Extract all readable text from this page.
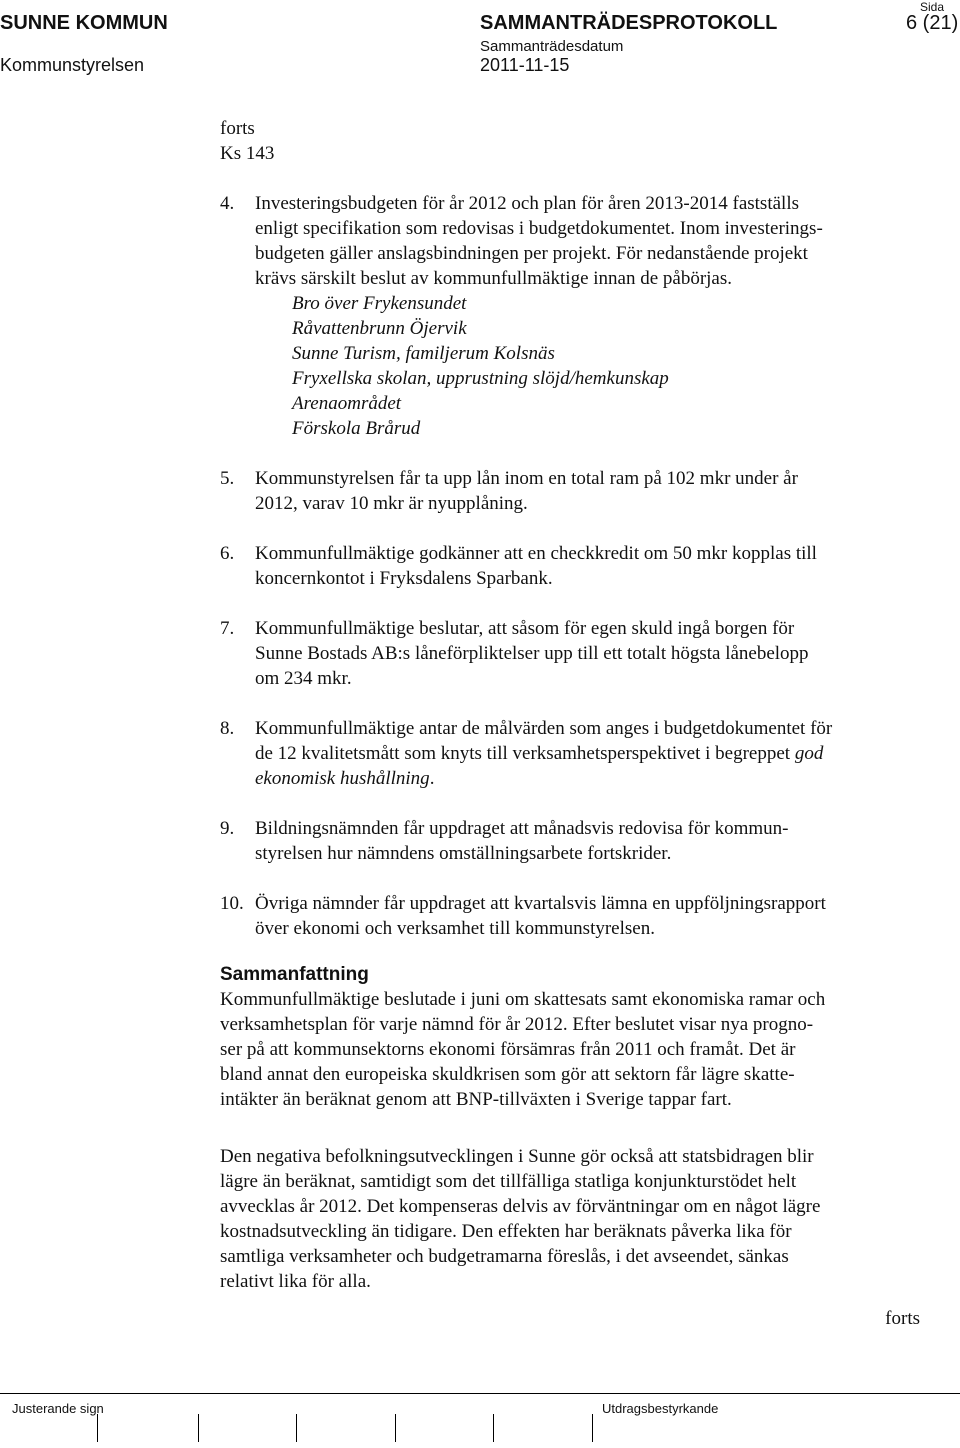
SUNNE KOMMUN
Kommunstyrelsen
SAMMANTRÄDESPROTOKOLL
Sammanträdesdatum
2011-11-15
Sida
6 (21)

forts

Ks 143

4. Investeringsbudgeten för år 2012 och plan för åren 2013-2014 fastställs

enligt specifikation som redovisas i budgetdokumentet. Inom investerings-

budgeten gäller anslagsbindningen per projekt. För nedanstående projekt

krävs särskilt beslut av kommunfullmäktige innan de påbörjas.

Bro över Frykensundet

Råvattenbrunn Öjervik

Sunne Turism, familjerum Kolsnäs

Fryxellska skolan, upprustning slöjd/hemkunskap

Arenaområdet

Förskola Brårud

5. Kommunstyrelsen får ta upp lån inom en total ram på 102 mkr under år

2012, varav 10 mkr är nyupplåning.

6. Kommunfullmäktige godkänner att en checkkredit om 50 mkr kopplas till

koncernkontot i Fryksdalens Sparbank.

7. Kommunfullmäktige beslutar, att såsom för egen skuld ingå borgen för

Sunne Bostads AB:s låneförpliktelser upp till ett totalt högsta lånebelopp

om 234 mkr.

8. Kommunfullmäktige antar de målvärden som anges i budgetdokumentet för

de 12 kvalitetsmått som knyts till verksamhetsperspektivet i begreppet god

ekonomisk hushållning.

9. Bildningsnämnden får uppdraget att månadsvis redovisa för kommun-

styrelsen hur nämndens omställningsarbete fortskrider.

10. Övriga nämnder får uppdraget att kvartalsvis lämna en uppföljningsrapport

över ekonomi och verksamhet till kommunstyrelsen.

Sammanfattning

Kommunfullmäktige beslutade i juni om skattesats samt ekonomiska ramar och

verksamhetsplan för varje nämnd för år 2012. Efter beslutet visar nya progno-

ser på att kommunsektorns ekonomi försämras från 2011 och framåt. Det är

bland annat den europeiska skuldkrisen som gör att sektorn får lägre skatte-

intäkter än beräknat genom att BNP-tillväxten i Sverige tappar fart.

Den negativa befolkningsutvecklingen i Sunne gör också att statsbidragen blir

lägre än beräknat, samtidigt som det tillfälliga statliga konjunkturstödet helt

avvecklas år 2012. Det kompenseras delvis av förväntningar om en något lägre

kostnadsutveckling än tidigare. Den effekten har beräknats påverka lika för

samtliga verksamheter och budgetramarna föreslås, i det avseendet, sänkas

relativt lika för alla.

forts

Justerande sign	Utdragsbestyrkande
